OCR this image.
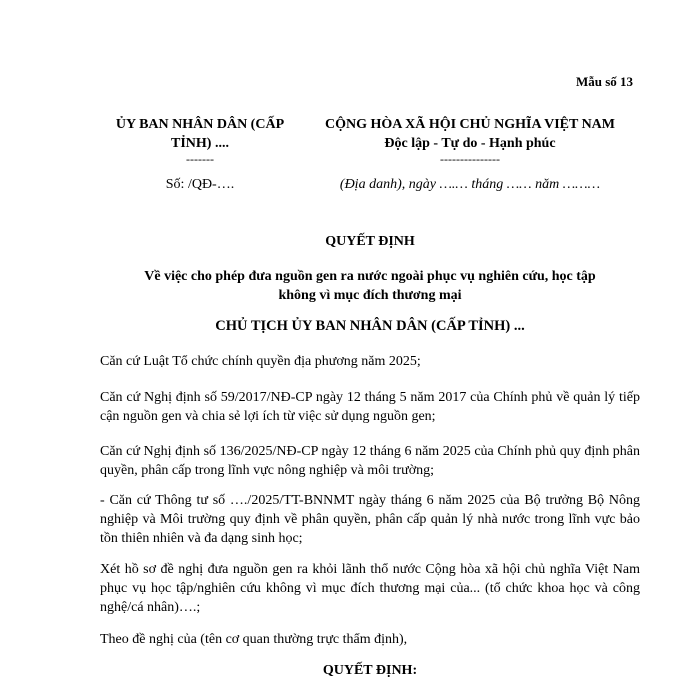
Mẫu số 13
ỦY BAN NHÂN DÂN (CẤP
TỈNH) ....
-------
CỘNG HÒA XÃ HỘI CHỦ NGHĨA VIỆT NAM
Độc lập - Tự do - Hạnh phúc
---------------
Số: /QĐ-….	(Địa danh), ngày ….… tháng …… năm ………
QUYẾT ĐỊNH
Về việc cho phép đưa nguồn gen ra nước ngoài phục vụ nghiên cứu, học tập
không vì mục đích thương mại
CHỦ TỊCH ỦY BAN NHÂN DÂN (CẤP TỈNH) ...
Căn cứ Luật Tổ chức chính quyền địa phương năm 2025;
Căn cứ Nghị định số 59/2017/NĐ-CP ngày 12 tháng 5 năm 2017 của Chính phủ về quản lý tiếp cận nguồn gen và chia sẻ lợi ích từ việc sử dụng nguồn gen;
Căn cứ Nghị định số 136/2025/NĐ-CP ngày 12 tháng 6 năm 2025 của Chính phủ quy định phân quyền, phân cấp trong lĩnh vực nông nghiệp và môi trường;
- Căn cứ Thông tư số …./2025/TT-BNNMT ngày tháng 6 năm 2025 của Bộ trưởng Bộ Nông nghiệp và Môi trường quy định về phân quyền, phân cấp quản lý nhà nước trong lĩnh vực bảo tồn thiên nhiên và đa dạng sinh học;
Xét hồ sơ đề nghị đưa nguồn gen ra khỏi lãnh thổ nước Cộng hòa xã hội chủ nghĩa Việt Nam phục vụ học tập/nghiên cứu không vì mục đích thương mại của... (tổ chức khoa học và công nghệ/cá nhân)….;
Theo đề nghị của (tên cơ quan thường trực thẩm định),
QUYẾT ĐỊNH:
